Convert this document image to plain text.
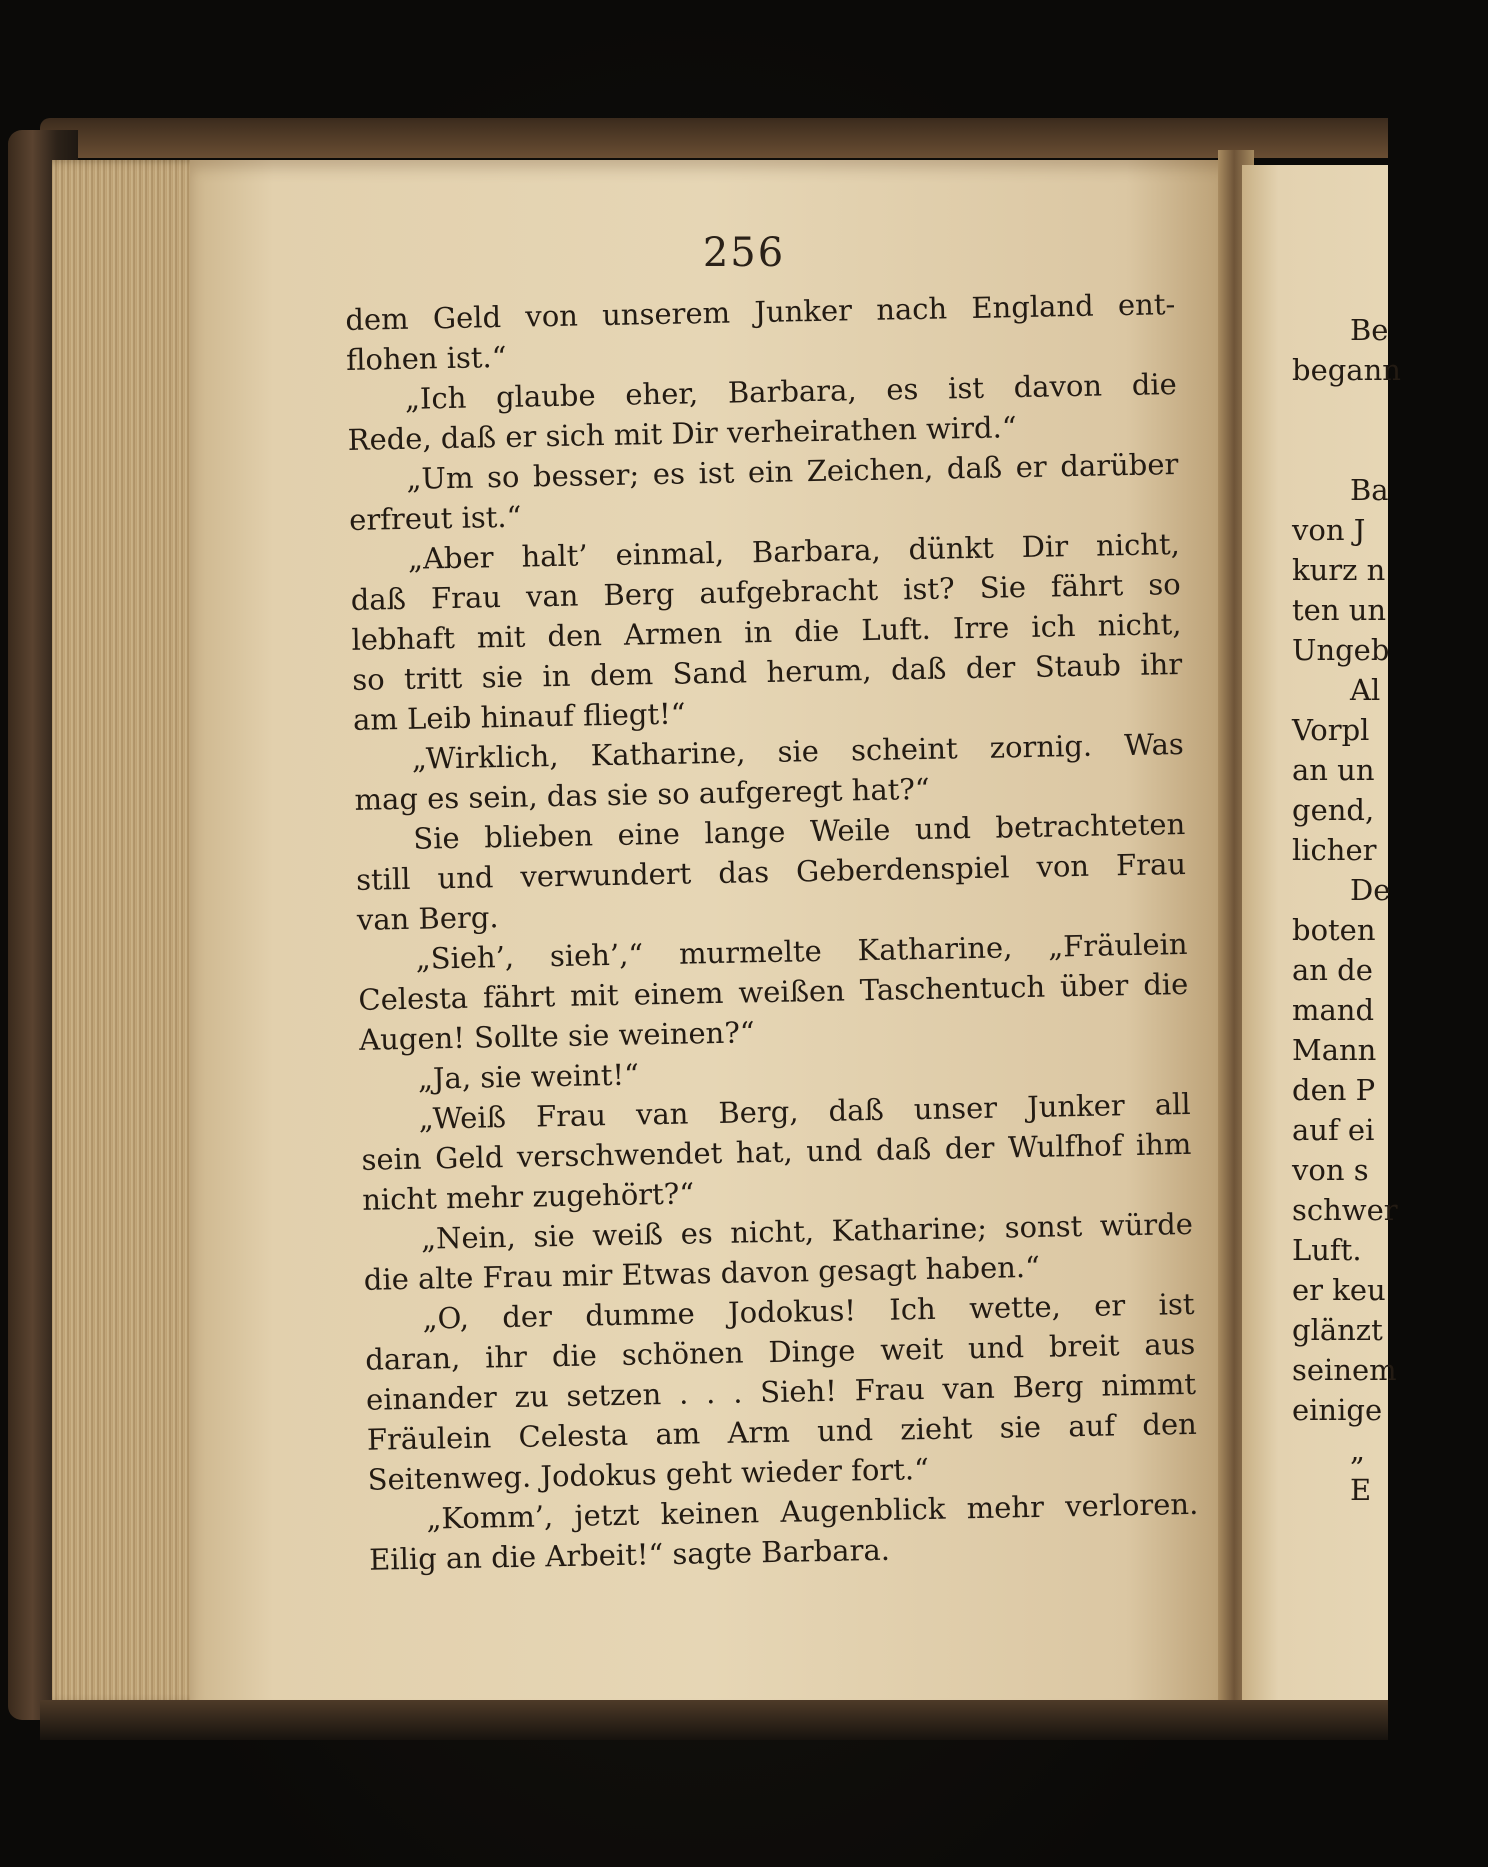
256
dem Geld von unserem Junker nach England ent-
flohen ist.“
„Ich glaube eher, Barbara, es ist davon die
Rede, daß er sich mit Dir verheirathen wird.“
„Um so besser; es ist ein Zeichen, daß er darüber
erfreut ist.“
„Aber halt’ einmal, Barbara, dünkt Dir nicht,
daß Frau van Berg aufgebracht ist? Sie fährt so
lebhaft mit den Armen in die Luft. Irre ich nicht,
so tritt sie in dem Sand herum, daß der Staub ihr
am Leib hinauf fliegt!“
„Wirklich, Katharine, sie scheint zornig. Was
mag es sein, das sie so aufgeregt hat?“
Sie blieben eine lange Weile und betrachteten
still und verwundert das Geberdenspiel von Frau
van Berg.
„Sieh’, sieh’,“ murmelte Katharine, „Fräulein
Celesta fährt mit einem weißen Taschentuch über die
Augen! Sollte sie weinen?“
„Ja, sie weint!“
„Weiß Frau van Berg, daß unser Junker all
sein Geld verschwendet hat, und daß der Wulfhof ihm
nicht mehr zugehört?“
„Nein, sie weiß es nicht, Katharine; sonst würde
die alte Frau mir Etwas davon gesagt haben.“
„O, der dumme Jodokus! Ich wette, er ist
daran, ihr die schönen Dinge weit und breit aus
einander zu setzen . . . Sieh! Frau van Berg nimmt
Fräulein Celesta am Arm und zieht sie auf den
Seitenweg. Jodokus geht wieder fort.“
„Komm’, jetzt keinen Augenblick mehr verloren.
Eilig an die Arbeit!“ sagte Barbara.
Be
begann
Ba
von J
kurz n
ten un
Ungeb
Al
Vorpl
an un
gend,
licher
De
boten
an de
mand
Mann
den P
auf ei
von s
schwer
Luft.
er keu
glänzt
seinem
einige
„
E
